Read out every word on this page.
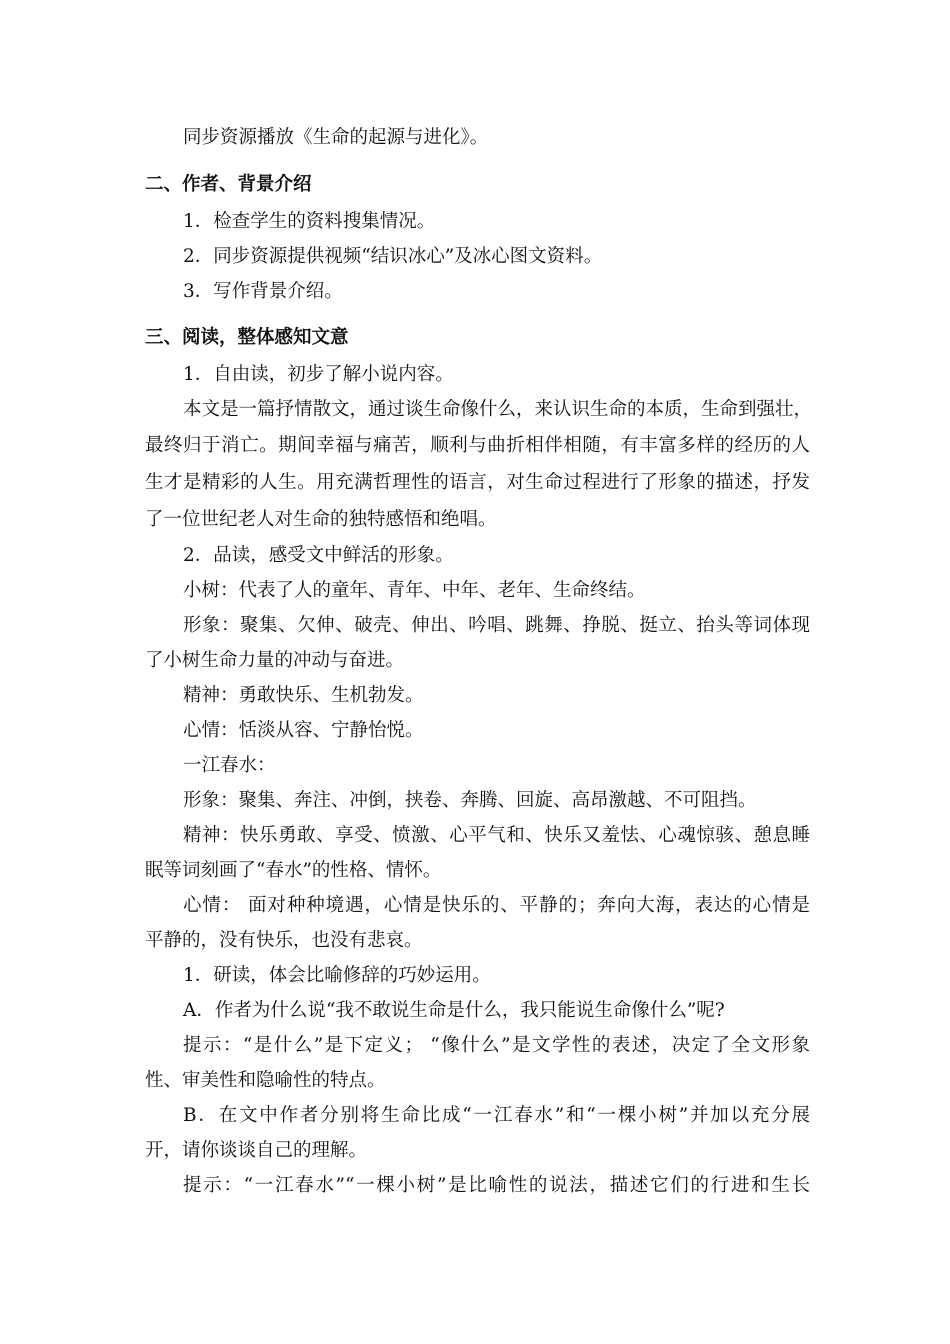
同步资源播放《生命的起源与进化》。
二、作者、背景介绍
1．检查学生的资料搜集情况。
2．同步资源提供视频“结识冰心”及冰心图文资料。
3．写作背景介绍。
三、阅读，整体感知文意
1．自由读，初步了解小说内容。
本文是一篇抒情散文，通过谈生命像什么，来认识生命的本质，生命到强壮，
最终归于消亡。期间幸福与痛苦，顺利与曲折相伴相随，有丰富多样的经历的人
生才是精彩的人生。用充满哲理性的语言，对生命过程进行了形象的描述，抒发
了一位世纪老人对生命的独特感悟和绝唱。
2．品读，感受文中鲜活的形象。
小树：代表了人的童年、青年、中年、老年、生命终结。
形象：聚集、欠伸、破壳、伸出、吟唱、跳舞、挣脱、挺立、抬头等词体现
了小树生命力量的冲动与奋进。
精神：勇敢快乐、生机勃发。
心情：恬淡从容、宁静怡悦。
一江春水：
形象：聚集、奔注、冲倒，挟卷、奔腾、回旋、高昂激越、不可阻挡。
精神：快乐勇敢、享受、愤激、心平气和、快乐又羞怯、心魂惊骇、憩息睡
眠等词刻画了“春水”的性格、情怀。
心情： 面对种种境遇，心情是快乐的、平静的；奔向大海，表达的心情是
平静的，没有快乐，也没有悲哀。
1．研读，体会比喻修辞的巧妙运用。
A．作者为什么说“我不敢说生命是什么，我只能说生命像什么”呢?
提示：“是什么”是下定义； “像什么”是文学性的表述，决定了全文形象
性、审美性和隐喻性的特点。
B．在文中作者分别将生命比成“一江春水”和“一棵小树”并加以充分展
开，请你谈谈自己的理解。
提示：“一江春水”“一棵小树”是比喻性的说法，描述它们的行进和生长
